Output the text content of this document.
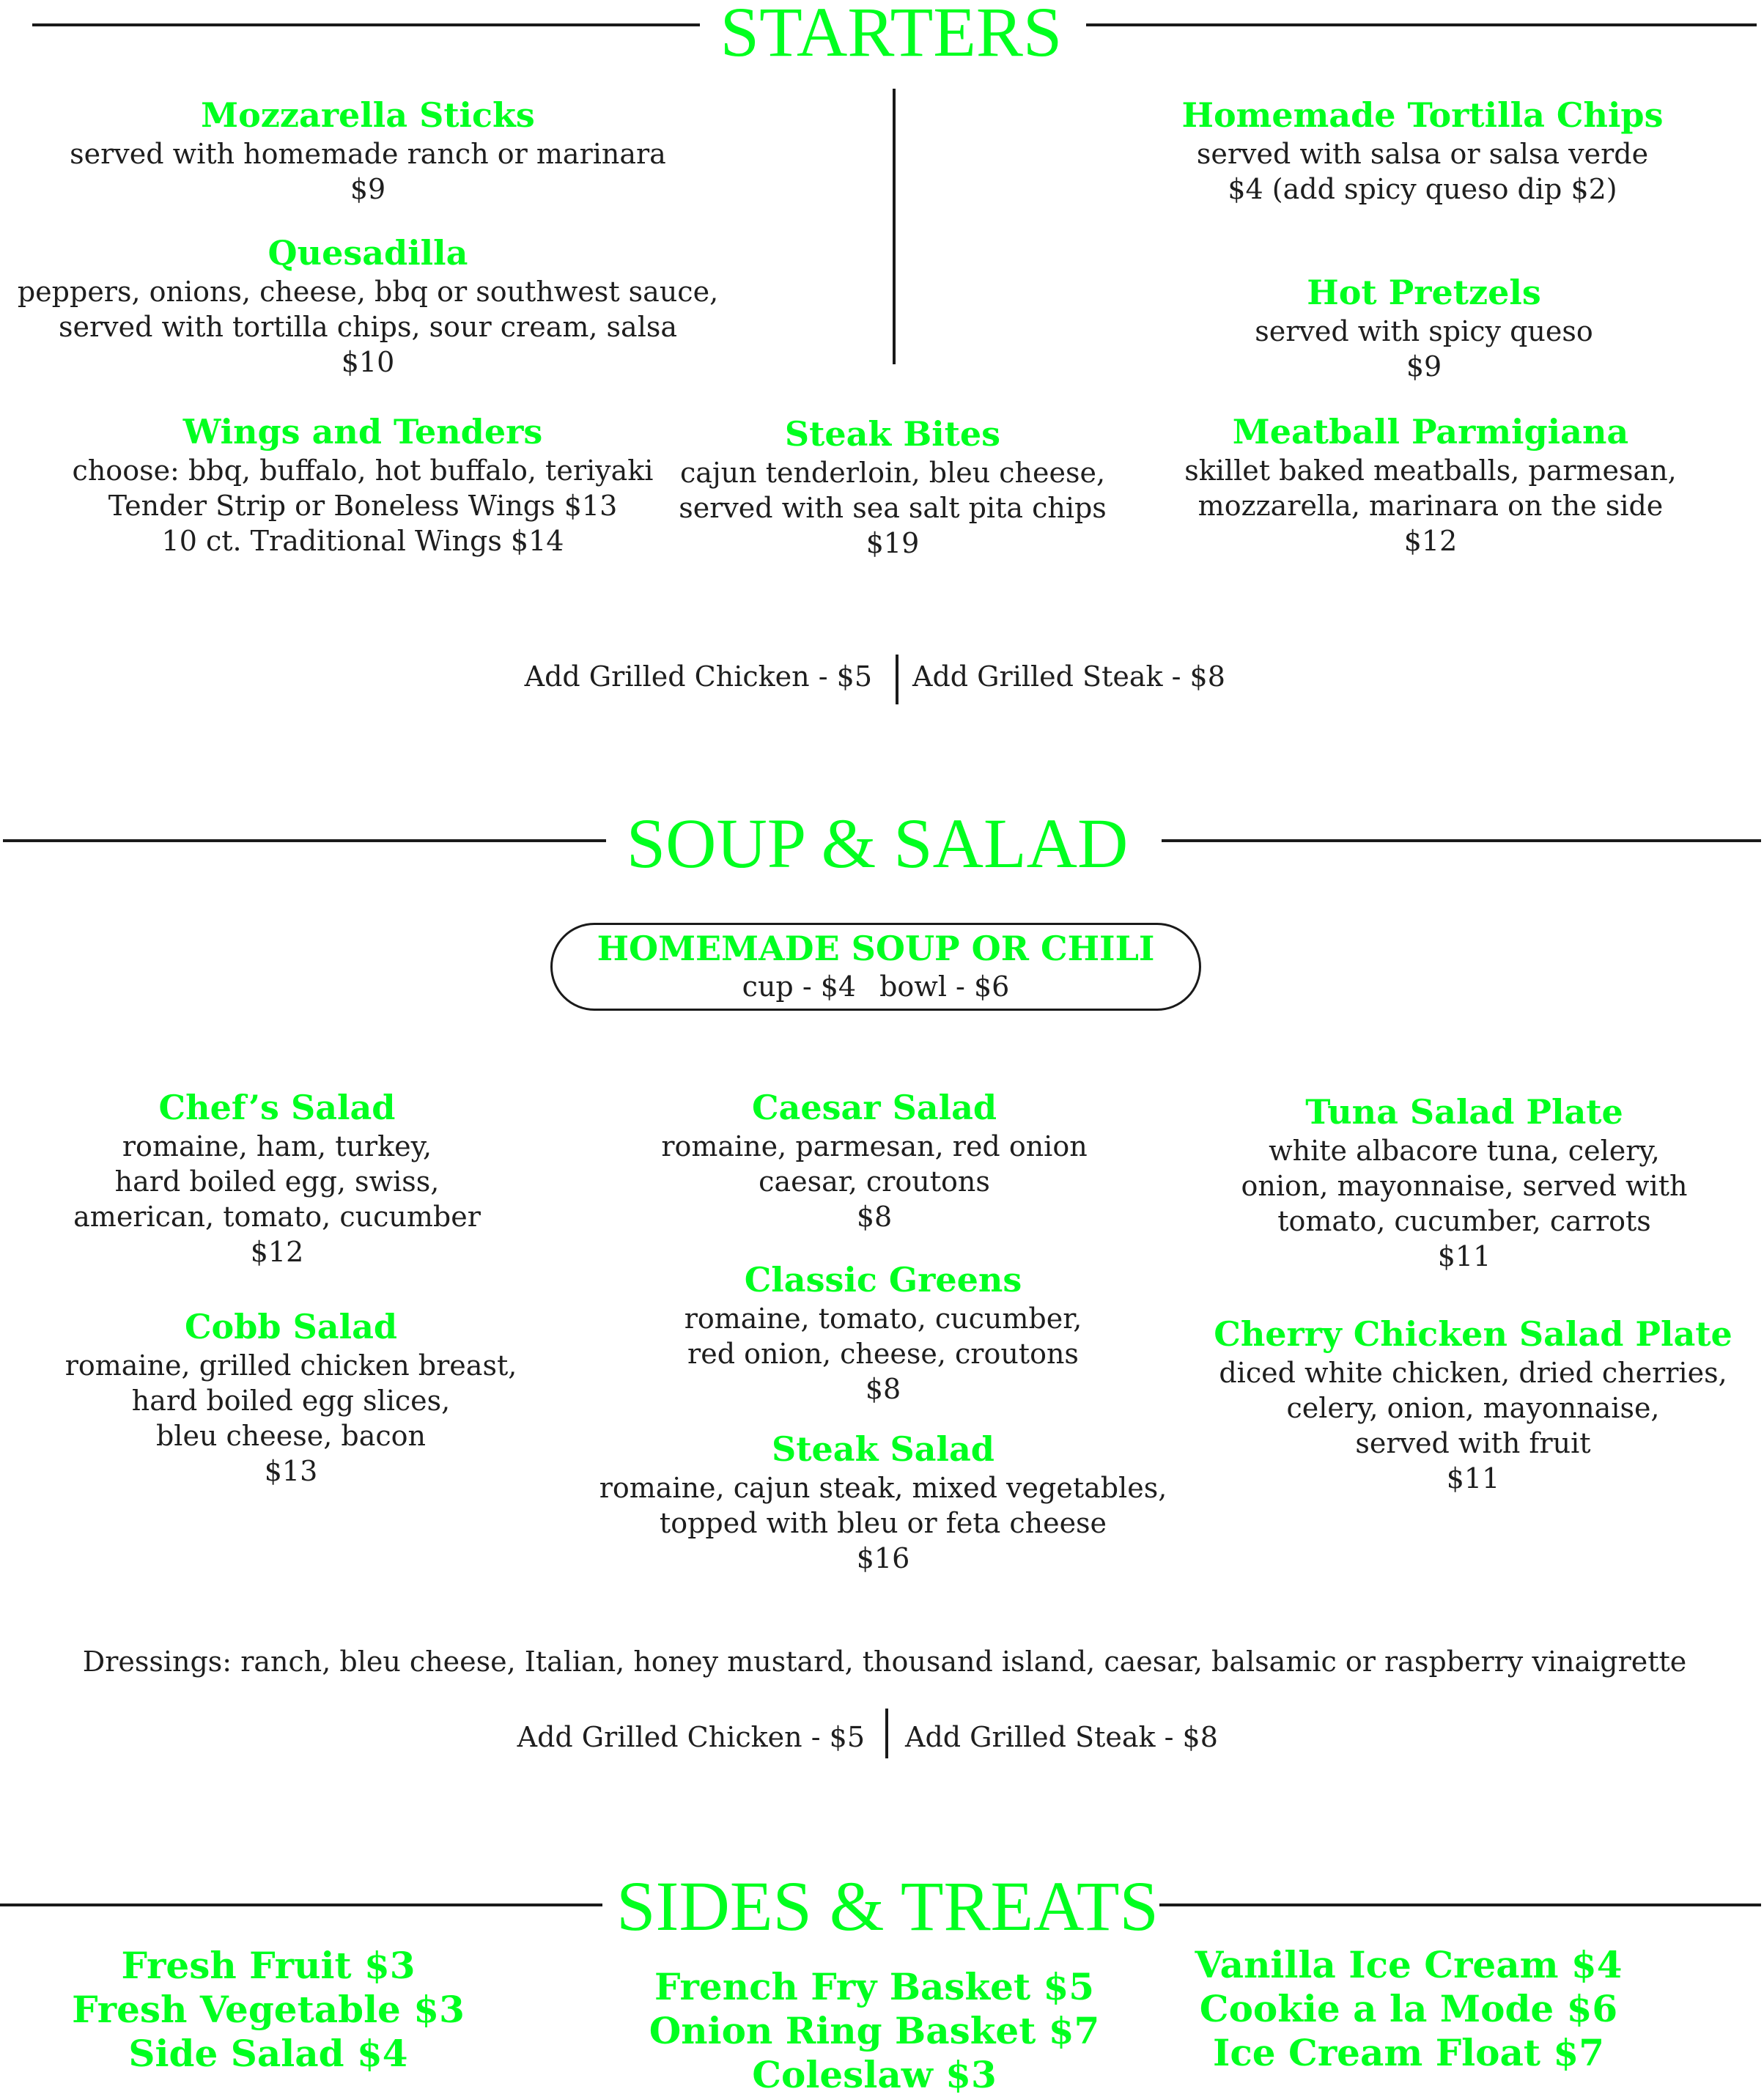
STARTERS
Mozzarella Sticks
served with homemade ranch or marinara
$9
Quesadilla
peppers, onions, cheese, bbq or southwest sauce,
served with tortilla chips, sour cream, salsa
$10
Wings and Tenders
choose: bbq, buffalo, hot buffalo, teriyaki
Tender Strip or Boneless Wings $13
10 ct. Traditional Wings $14
Steak Bites
cajun tenderloin, bleu cheese,
served with sea salt pita chips
$19
Homemade Tortilla Chips
served with salsa or salsa verde
$4 (add spicy queso dip $2)
Hot Pretzels
served with spicy queso
$9
Meatball Parmigiana
skillet baked meatballs, parmesan,
mozzarella, marinara on the side
$12
Add Grilled Chicken - $5 Add Grilled Steak - $8
SOUP & SALAD
HOMEMADE SOUP OR CHILI
cup - $4 bowl - $6
Chef’s Salad
romaine, ham, turkey,
hard boiled egg, swiss,
american, tomato, cucumber
$12
Cobb Salad
romaine, grilled chicken breast,
hard boiled egg slices,
bleu cheese, bacon
$13
Caesar Salad
romaine, parmesan, red onion
caesar, croutons
$8
Classic Greens
romaine, tomato, cucumber,
red onion, cheese, croutons
$8
Steak Salad
romaine, cajun steak, mixed vegetables,
topped with bleu or feta cheese
$16
Tuna Salad Plate
white albacore tuna, celery,
onion, mayonnaise, served with
tomato, cucumber, carrots
$11
Cherry Chicken Salad Plate
diced white chicken, dried cherries,
celery, onion, mayonnaise,
served with fruit
$11
Dressings: ranch, bleu cheese, Italian, honey mustard, thousand island, caesar, balsamic or raspberry vinaigrette
Add Grilled Chicken - $5 Add Grilled Steak - $8
SIDES & TREATS
Fresh Fruit $3
Fresh Vegetable $3
Side Salad $4
French Fry Basket $5
Onion Ring Basket $7
Coleslaw $3
Vanilla Ice Cream $4
Cookie a la Mode $6
Ice Cream Float $7
